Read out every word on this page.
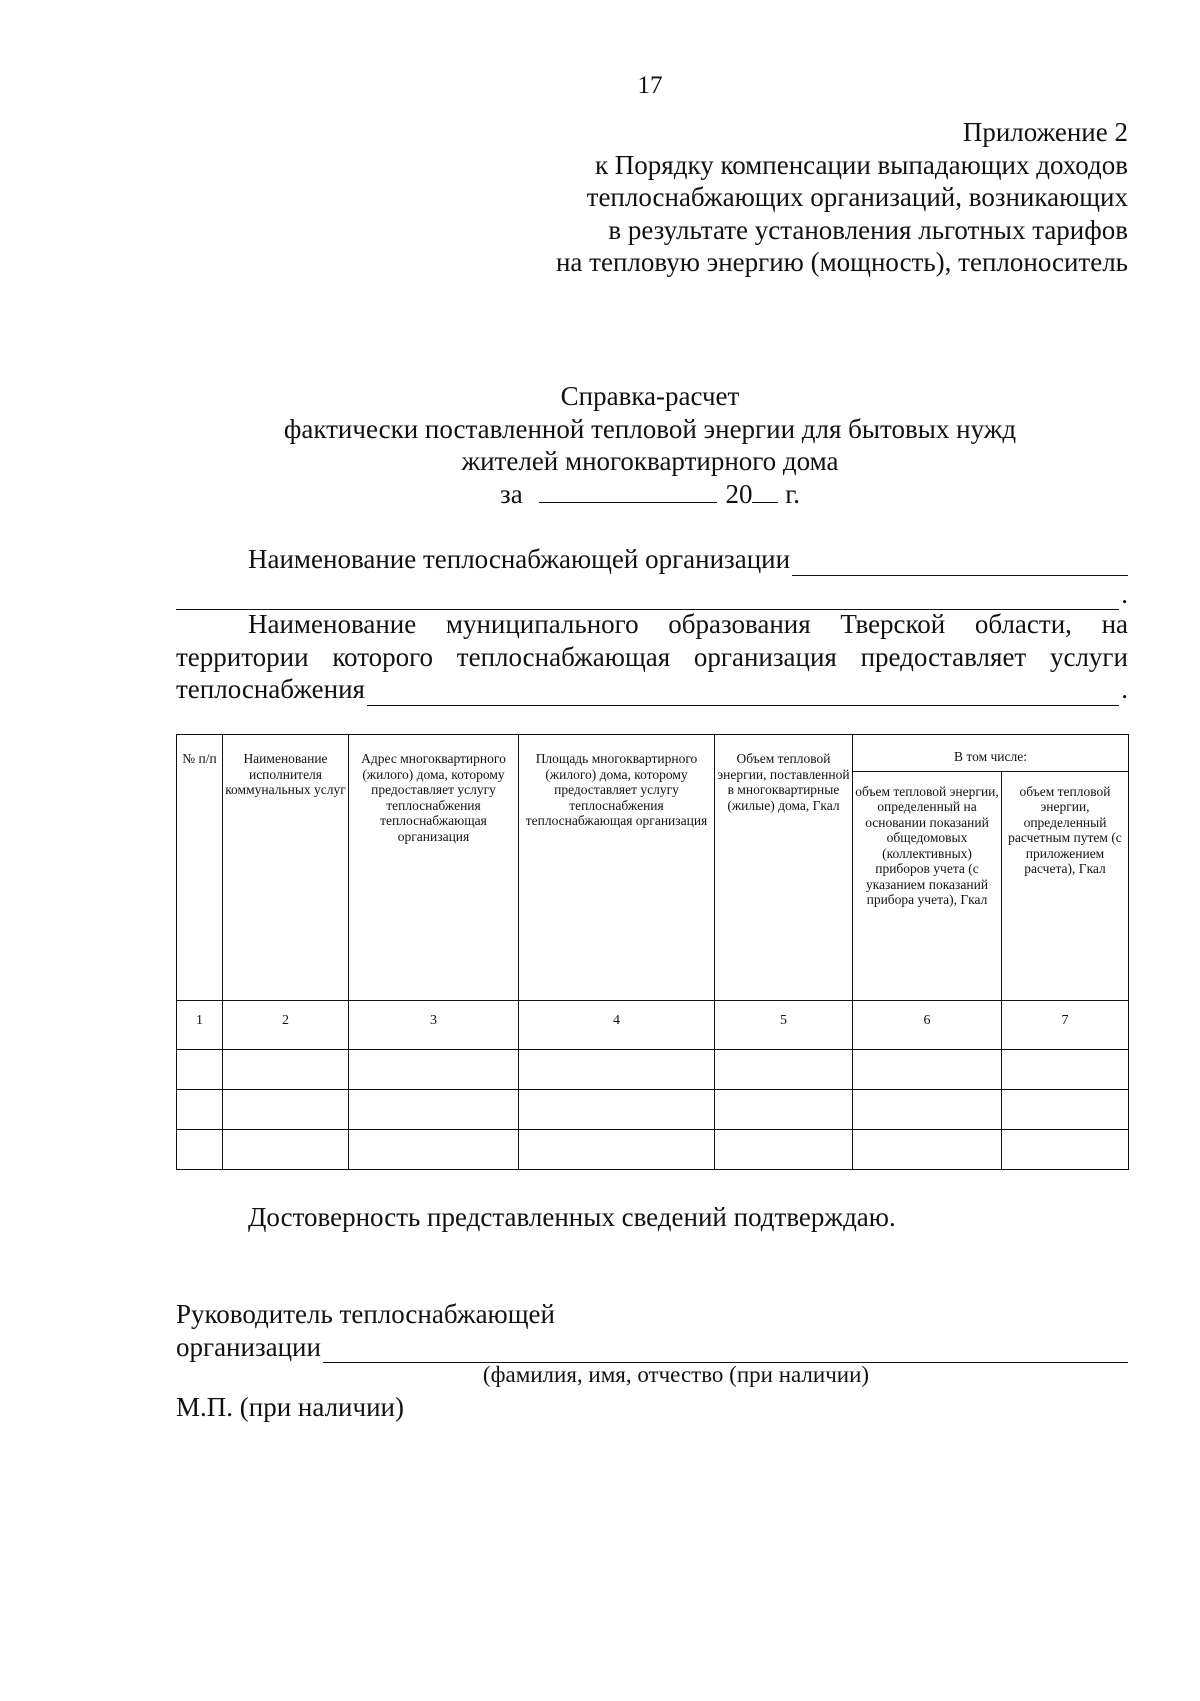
17
Приложение 2
к Порядку компенсации выпадающих доходов
теплоснабжающих организаций, возникающих
в результате установления льготных тарифов
на тепловую энергию (мощность), теплоноситель
Справка-расчет
фактически поставленной тепловой энергии для бытовых нужд
жителей многоквартирного дома
за	20 г.
Наименование теплоснабжающей организации
.
Наименование муниципального образования Тверской области, на
территории которого теплоснабжающая организация предоставляет услуги
теплоснабжения	.
№ п/п	Наименование исполнителя коммунальных услуг	Адрес многоквартирного (жилого) дома, которому предоставляет услугу теплоснабжения теплоснабжающая организация	Площадь многоквартирного (жилого) дома, которому предоставляет услугу теплоснабжения теплоснабжающая организация	Объем тепловой энергии, поставленной в многоквартирные (жилые) дома, Гкал	В том числе:	
					объем тепловой энергии, определенный на основании показаний общедомовых (коллективных) приборов учета (с указанием показаний прибора учета), Гкал	объем тепловой энергии, определенный расчетным путем (с приложением расчета), Гкал
1	2	3	4	5	6	7

Достоверность представленных сведений подтверждаю.
Руководитель теплоснабжающей
организации
(фамилия, имя, отчество (при наличии)
М.П. (при наличии)
